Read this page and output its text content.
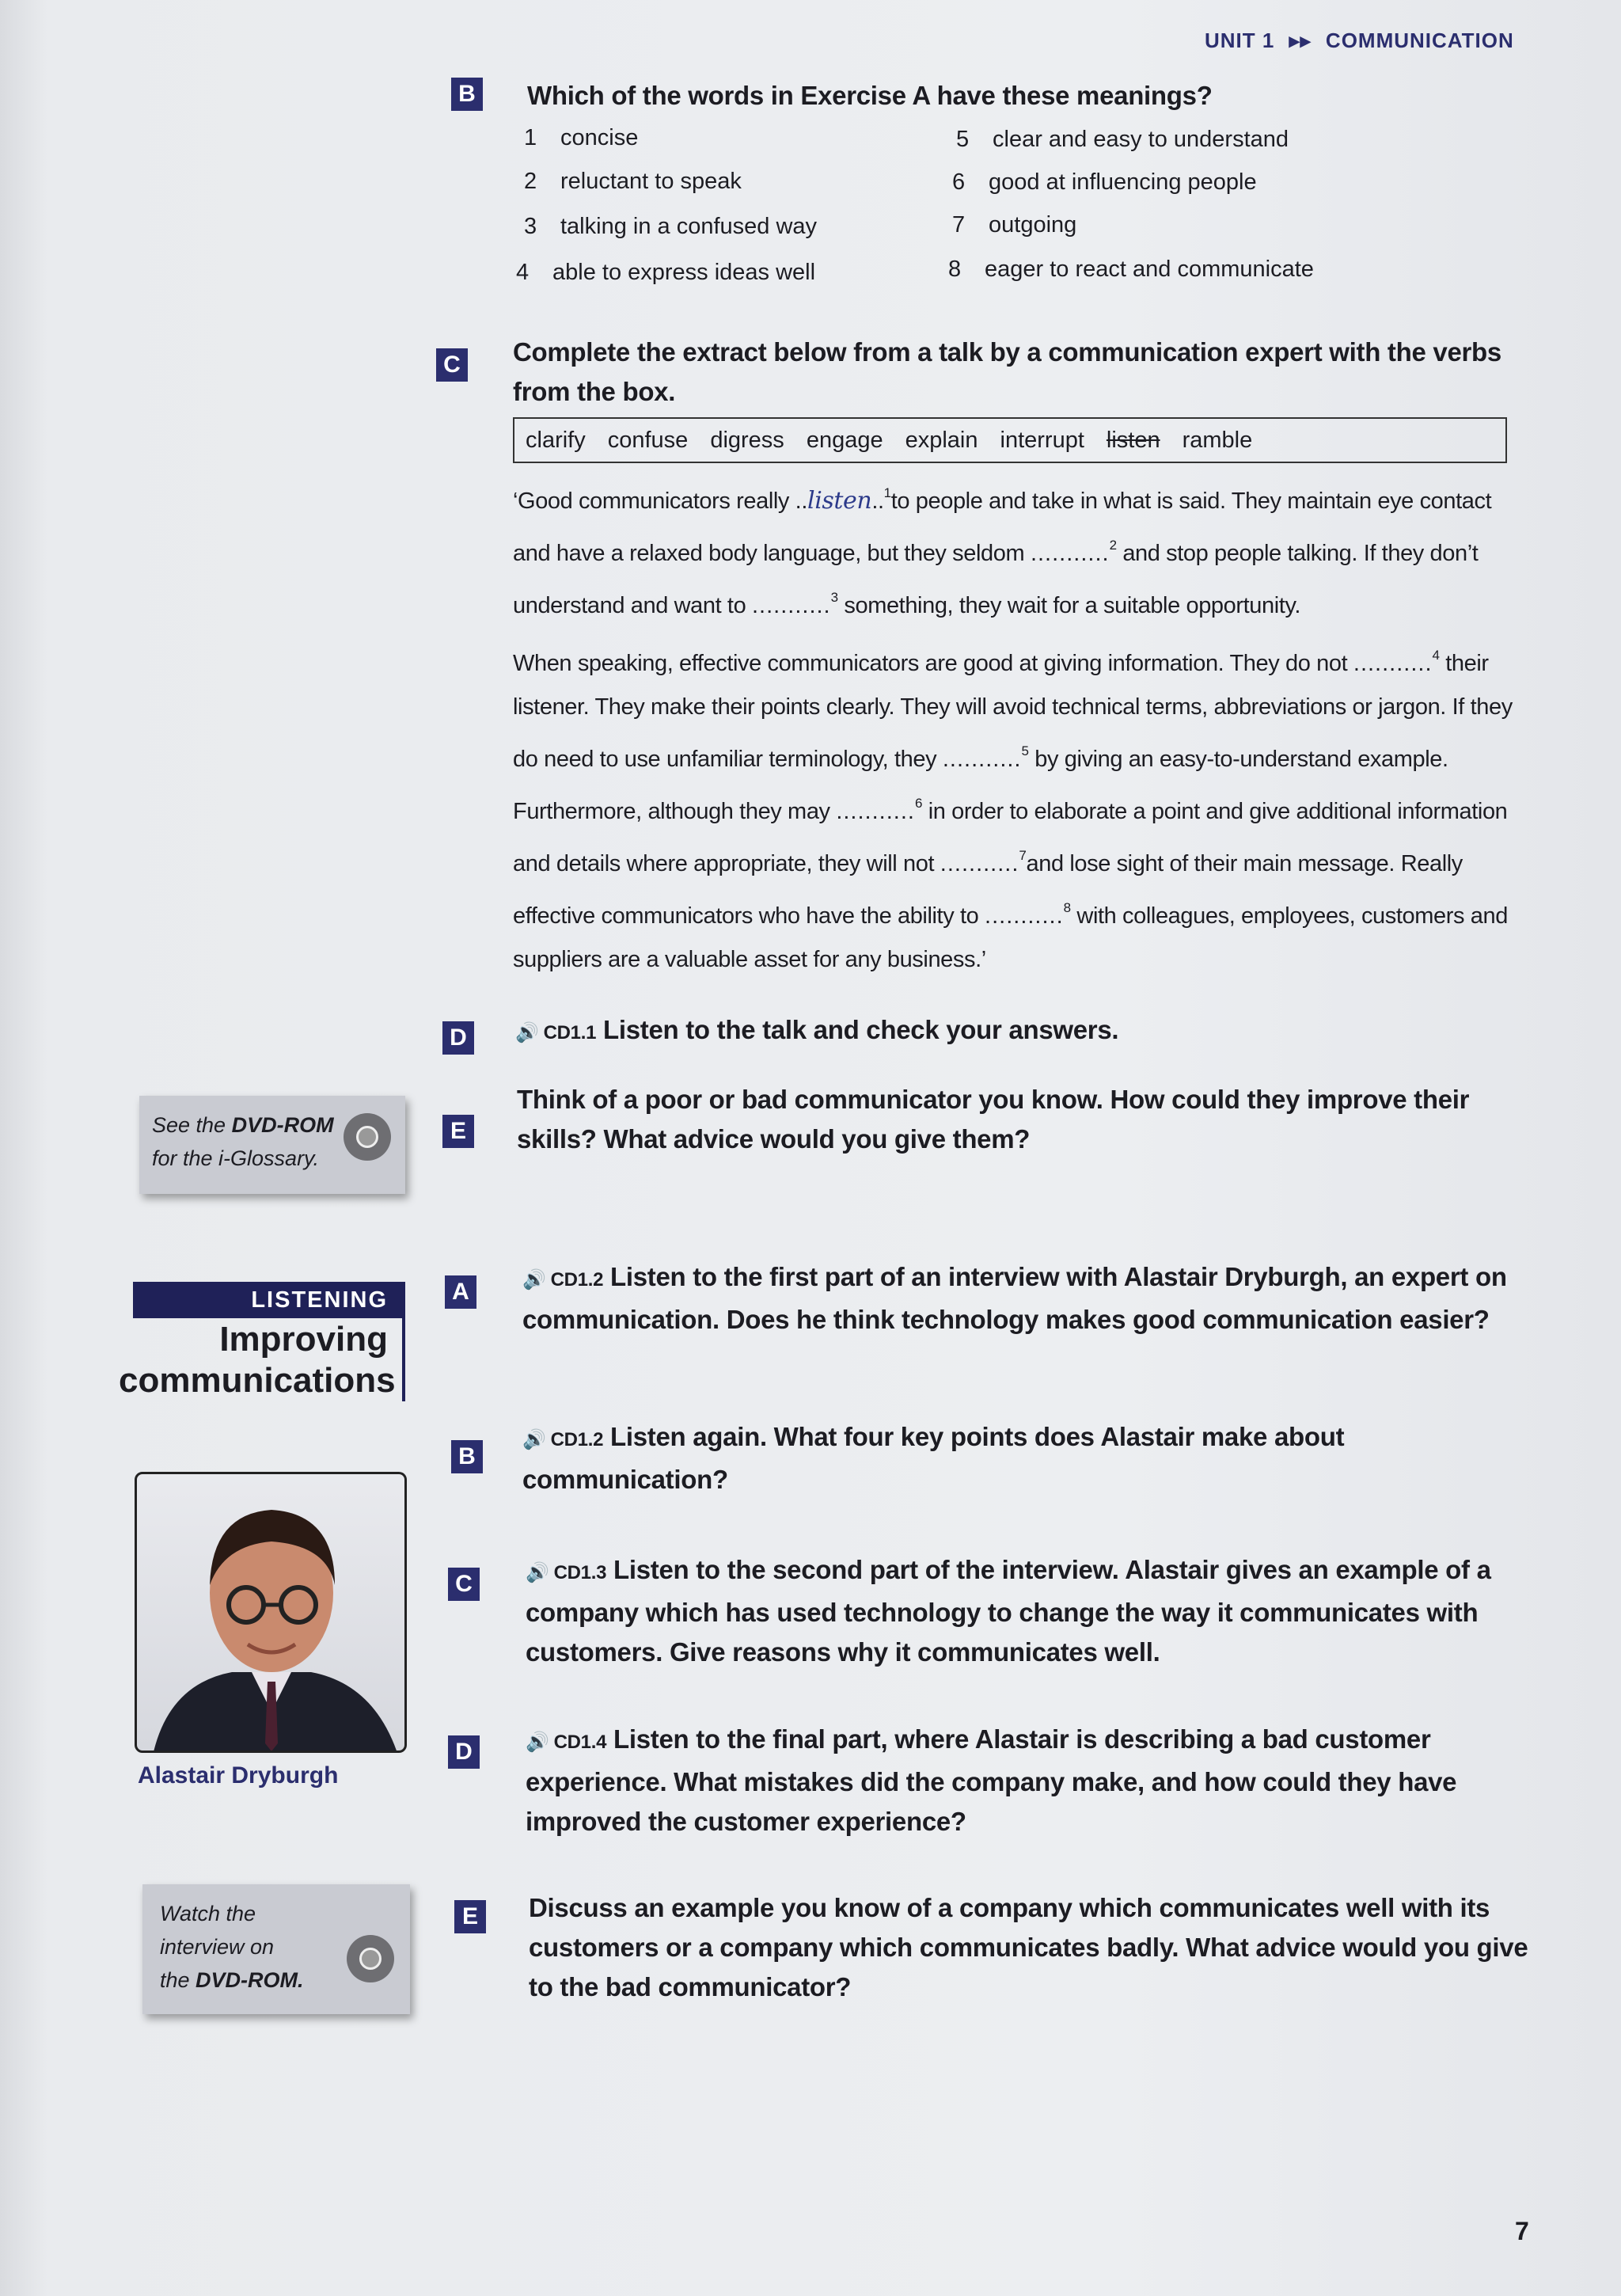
UNIT 1 ▸▸ COMMUNICATION
B Which of the words in Exercise A have these meanings?
1 concise
2 reluctant to speak
3 talking in a confused way
4 able to express ideas well
5 clear and easy to understand
6 good at influencing people
7 outgoing
8 eager to react and communicate
C Complete the extract below from a talk by a communication expert with the verbs from the box.
clarify confuse digress engage explain interrupt listen ramble
‘Good communicators really ..listen..$^1$to people and take in what is said. They maintain eye contact and have a relaxed body language, but they seldom ...........$^2$ and stop people talking. If they don’t understand and want to ...........$^3$ something, they wait for a suitable opportunity.
When speaking, effective communicators are good at giving information. They do not ...........$^4$ their listener. They make their points clearly. They will avoid technical terms, abbreviations or jargon. If they do need to use unfamiliar terminology, they ...........$^5$ by giving an easy-to-understand example. Furthermore, although they may ...........$^6$ in order to elaborate a point and give additional information and details where appropriate, they will not ...........$^7$and lose sight of their main message. Really effective communicators who have the ability to ...........$^8$ with colleagues, employees, customers and suppliers are a valuable asset for any business.’
D	🔊 CD1.1 Listen to the talk and check your answers.
See the DVD-ROM
for the i-Glossary.
E
Think of a poor or bad communicator you know. How could they improve their skills? What advice would you give them?
LISTENING
Improving
communications
A	🔊 CD1.2 Listen to the first part of an interview with Alastair Dryburgh, an expert on communication. Does he think technology makes good communication easier?
B
🔊 CD1.2 Listen again. What four key points does Alastair make about communication?
C	🔊 CD1.3 Listen to the second part of the interview. Alastair gives an example of a company which has used technology to change the way it communicates with customers. Give reasons why it communicates well.
D	🔊 CD1.4 Listen to the final part, where Alastair is describing a bad customer experience. What mistakes did the company make, and how could they have improved the customer experience?
E	Discuss an example you know of a company which communicates well with its customers or a company which communicates badly. What advice would you give to the bad communicator?
Alastair Dryburgh
Watch the
interview on
the DVD-ROM.
7
